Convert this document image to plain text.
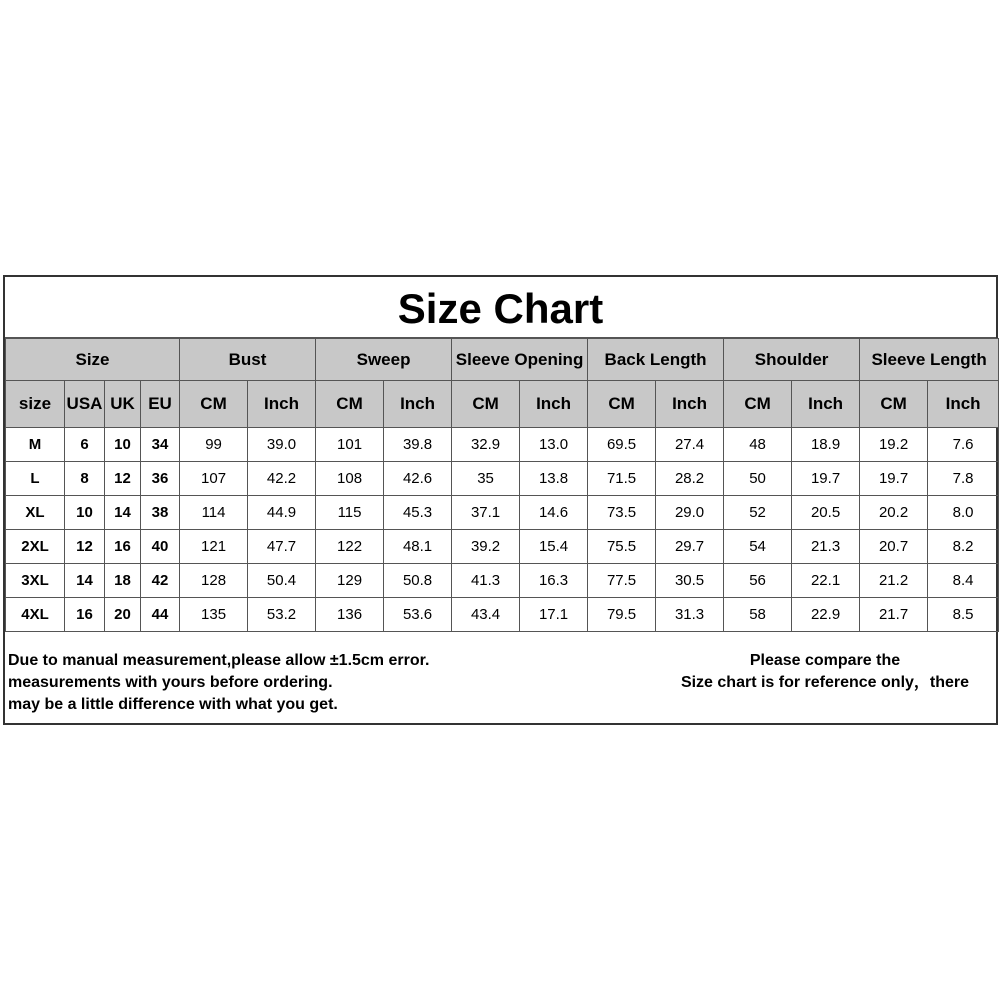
Size Chart
Size				Bust		Sweep		Sleeve Opening		Back Length		Shoulder		Sleeve Length	
size	USA	UK	EU	CM	Inch	CM	Inch	CM	Inch	CM	Inch	CM	Inch	CM	Inch
M	6	10	34	99	39.0	101	39.8	32.9	13.0	69.5	27.4	48	18.9	19.2	7.6
L	8	12	36	107	42.2	108	42.6	35	13.8	71.5	28.2	50	19.7	19.7	7.8
XL	10	14	38	114	44.9	115	45.3	37.1	14.6	73.5	29.0	52	20.5	20.2	8.0
2XL	12	16	40	121	47.7	122	48.1	39.2	15.4	75.5	29.7	54	21.3	20.7	8.2
3XL	14	18	42	128	50.4	129	50.8	41.3	16.3	77.5	30.5	56	22.1	21.2	8.4
4XL	16	20	44	135	53.2	136	53.6	43.4	17.1	79.5	31.3	58	22.9	21.7	8.5
Due to manual measurement,please allow ±1.5cm error.
measurements with yours before ordering.
may be a little difference with what you get.
Please compare the
Size chart is for reference only，there
